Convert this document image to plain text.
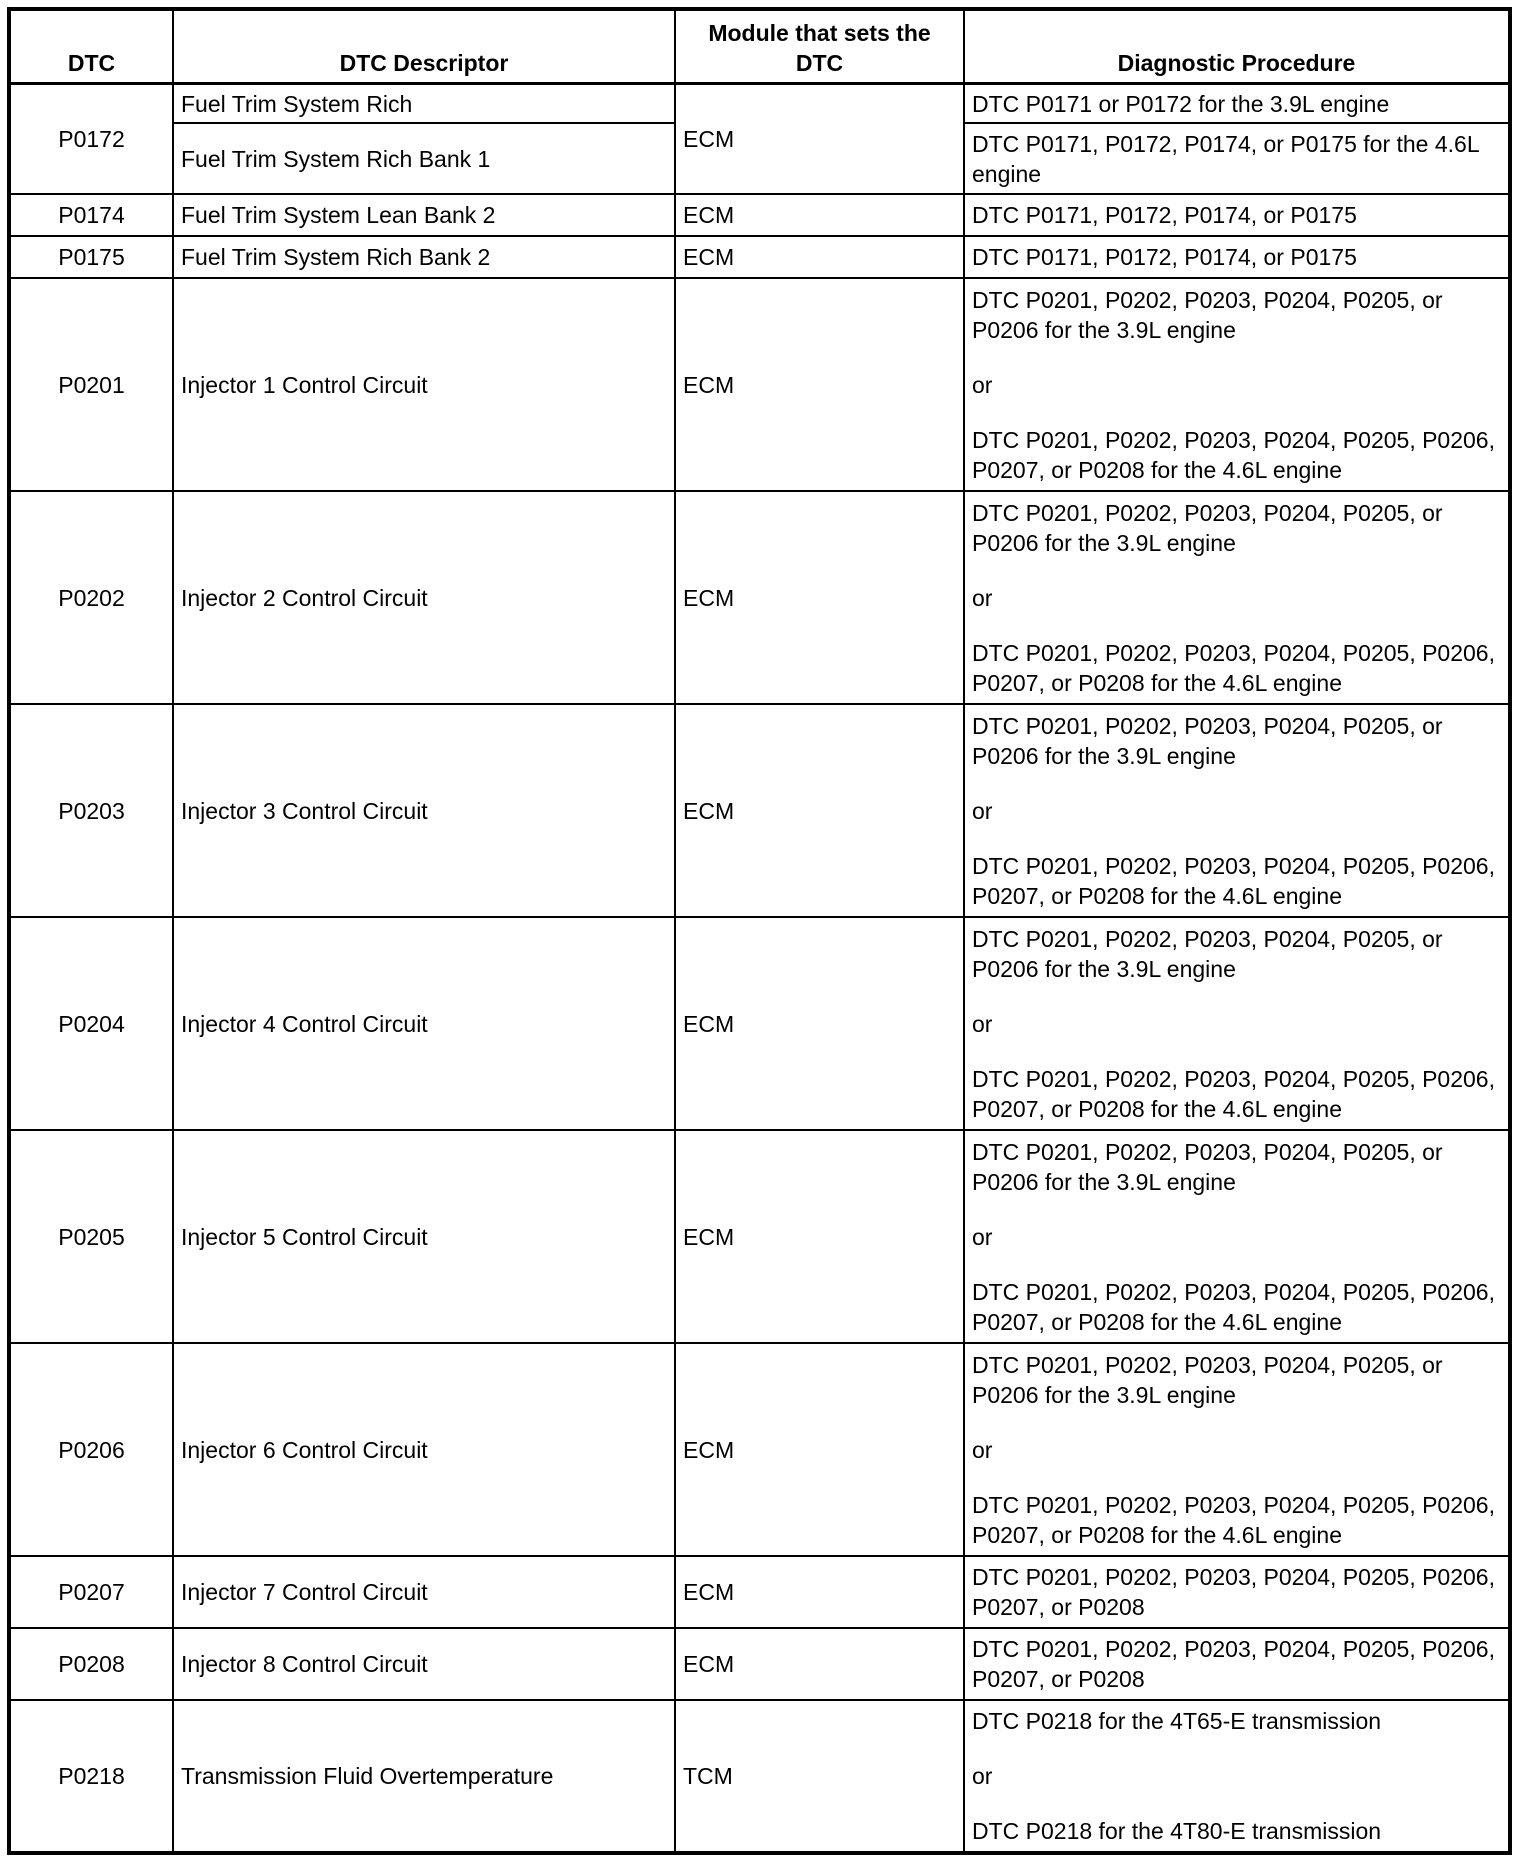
DTC	DTC Descriptor	Module that sets the DTC	Diagnostic Procedure
P0172	Fuel Trim System Rich	ECM	DTC P0171 or P0172 for the 3.9L engine
	Fuel Trim System Rich Bank 1		DTC P0171, P0172, P0174, or P0175 for the 4.6L engine
P0174	Fuel Trim System Lean Bank 2	ECM	DTC P0171, P0172, P0174, or P0175
P0175	Fuel Trim System Rich Bank 2	ECM	DTC P0171, P0172, P0174, or P0175
P0201	Injector 1 Control Circuit	ECM	DTC P0201, P0202, P0203, P0204, P0205, or P0206 for the 3.9L engine
or
DTC P0201, P0202, P0203, P0204, P0205, P0206, P0207, or P0208 for the 4.6L engine

P0202	Injector 2 Control Circuit	ECM	DTC P0201, P0202, P0203, P0204, P0205, or P0206 for the 3.9L engine
or
DTC P0201, P0202, P0203, P0204, P0205, P0206, P0207, or P0208 for the 4.6L engine

P0203	Injector 3 Control Circuit	ECM	DTC P0201, P0202, P0203, P0204, P0205, or P0206 for the 3.9L engine
or
DTC P0201, P0202, P0203, P0204, P0205, P0206, P0207, or P0208 for the 4.6L engine

P0204	Injector 4 Control Circuit	ECM	DTC P0201, P0202, P0203, P0204, P0205, or P0206 for the 3.9L engine
or
DTC P0201, P0202, P0203, P0204, P0205, P0206, P0207, or P0208 for the 4.6L engine

P0205	Injector 5 Control Circuit	ECM	DTC P0201, P0202, P0203, P0204, P0205, or P0206 for the 3.9L engine
or
DTC P0201, P0202, P0203, P0204, P0205, P0206, P0207, or P0208 for the 4.6L engine

P0206	Injector 6 Control Circuit	ECM	DTC P0201, P0202, P0203, P0204, P0205, or P0206 for the 3.9L engine
or
DTC P0201, P0202, P0203, P0204, P0205, P0206, P0207, or P0208 for the 4.6L engine

P0207	Injector 7 Control Circuit	ECM	DTC P0201, P0202, P0203, P0204, P0205, P0206, P0207, or P0208
P0208	Injector 8 Control Circuit	ECM	DTC P0201, P0202, P0203, P0204, P0205, P0206, P0207, or P0208
P0218	Transmission Fluid Overtemperature	TCM	DTC P0218 for the 4T65-E transmission
or
DTC P0218 for the 4T80-E transmission
